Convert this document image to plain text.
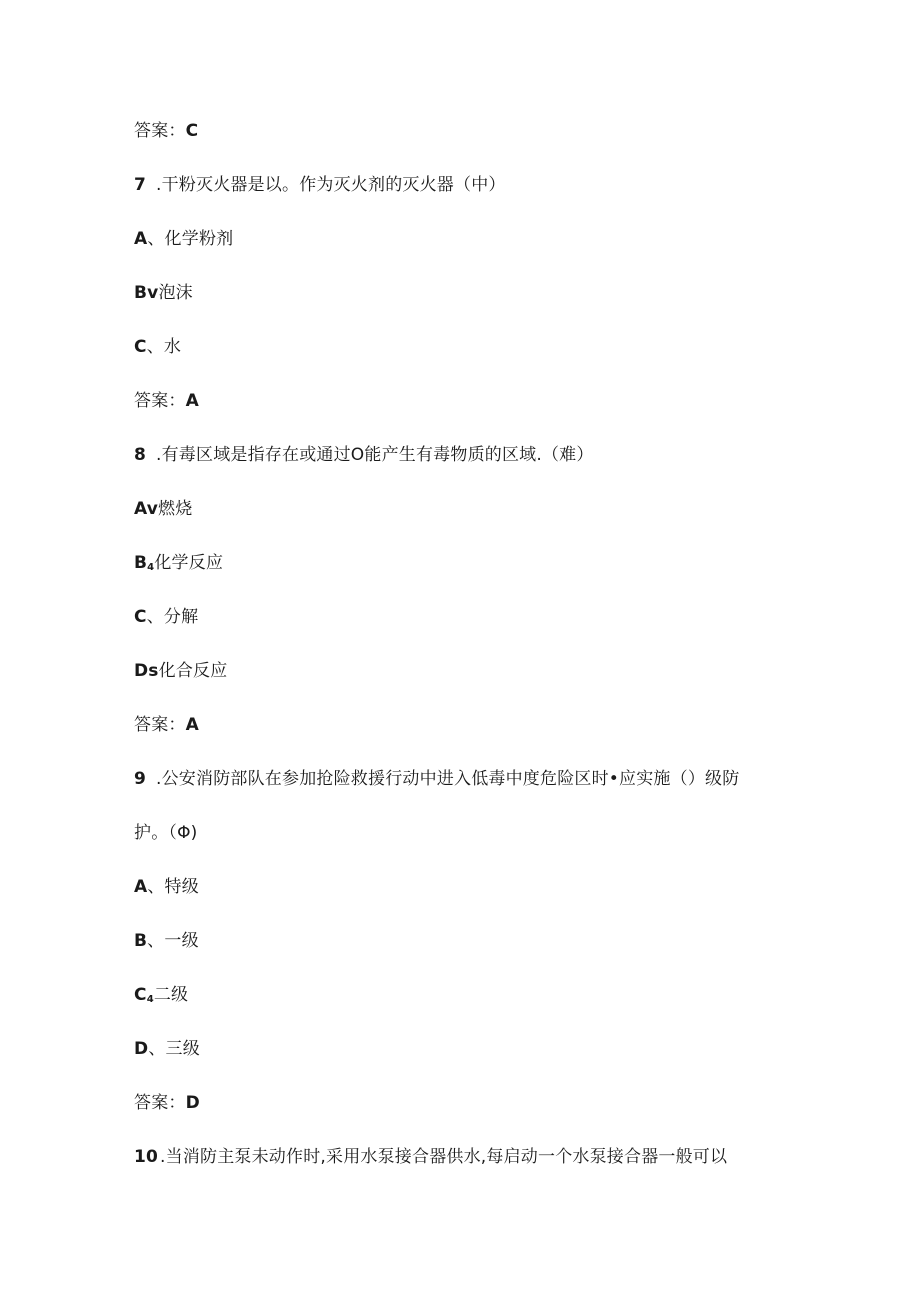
答案：C
7 .干粉灭火器是以。作为灭火剂的灭火器（中）
A、化学粉剂
Bv泡沫
C、水
答案：A
8 .有毒区域是指存在或通过O能产生有毒物质的区域.（难）
Av燃烧
$B_4$化学反应
C、分解
Ds化合反应
答案：A
9 .公安消防部队在参加抢险救援行动中进入低毒中度危险区时•应实施（）级防
护。（Φ)
A、特级
B、一级
$C_4$二级
D、三级
答案：D
10 .当消防主泵未动作时,采用水泵接合器供水,每启动一个水泵接合器一般可以
